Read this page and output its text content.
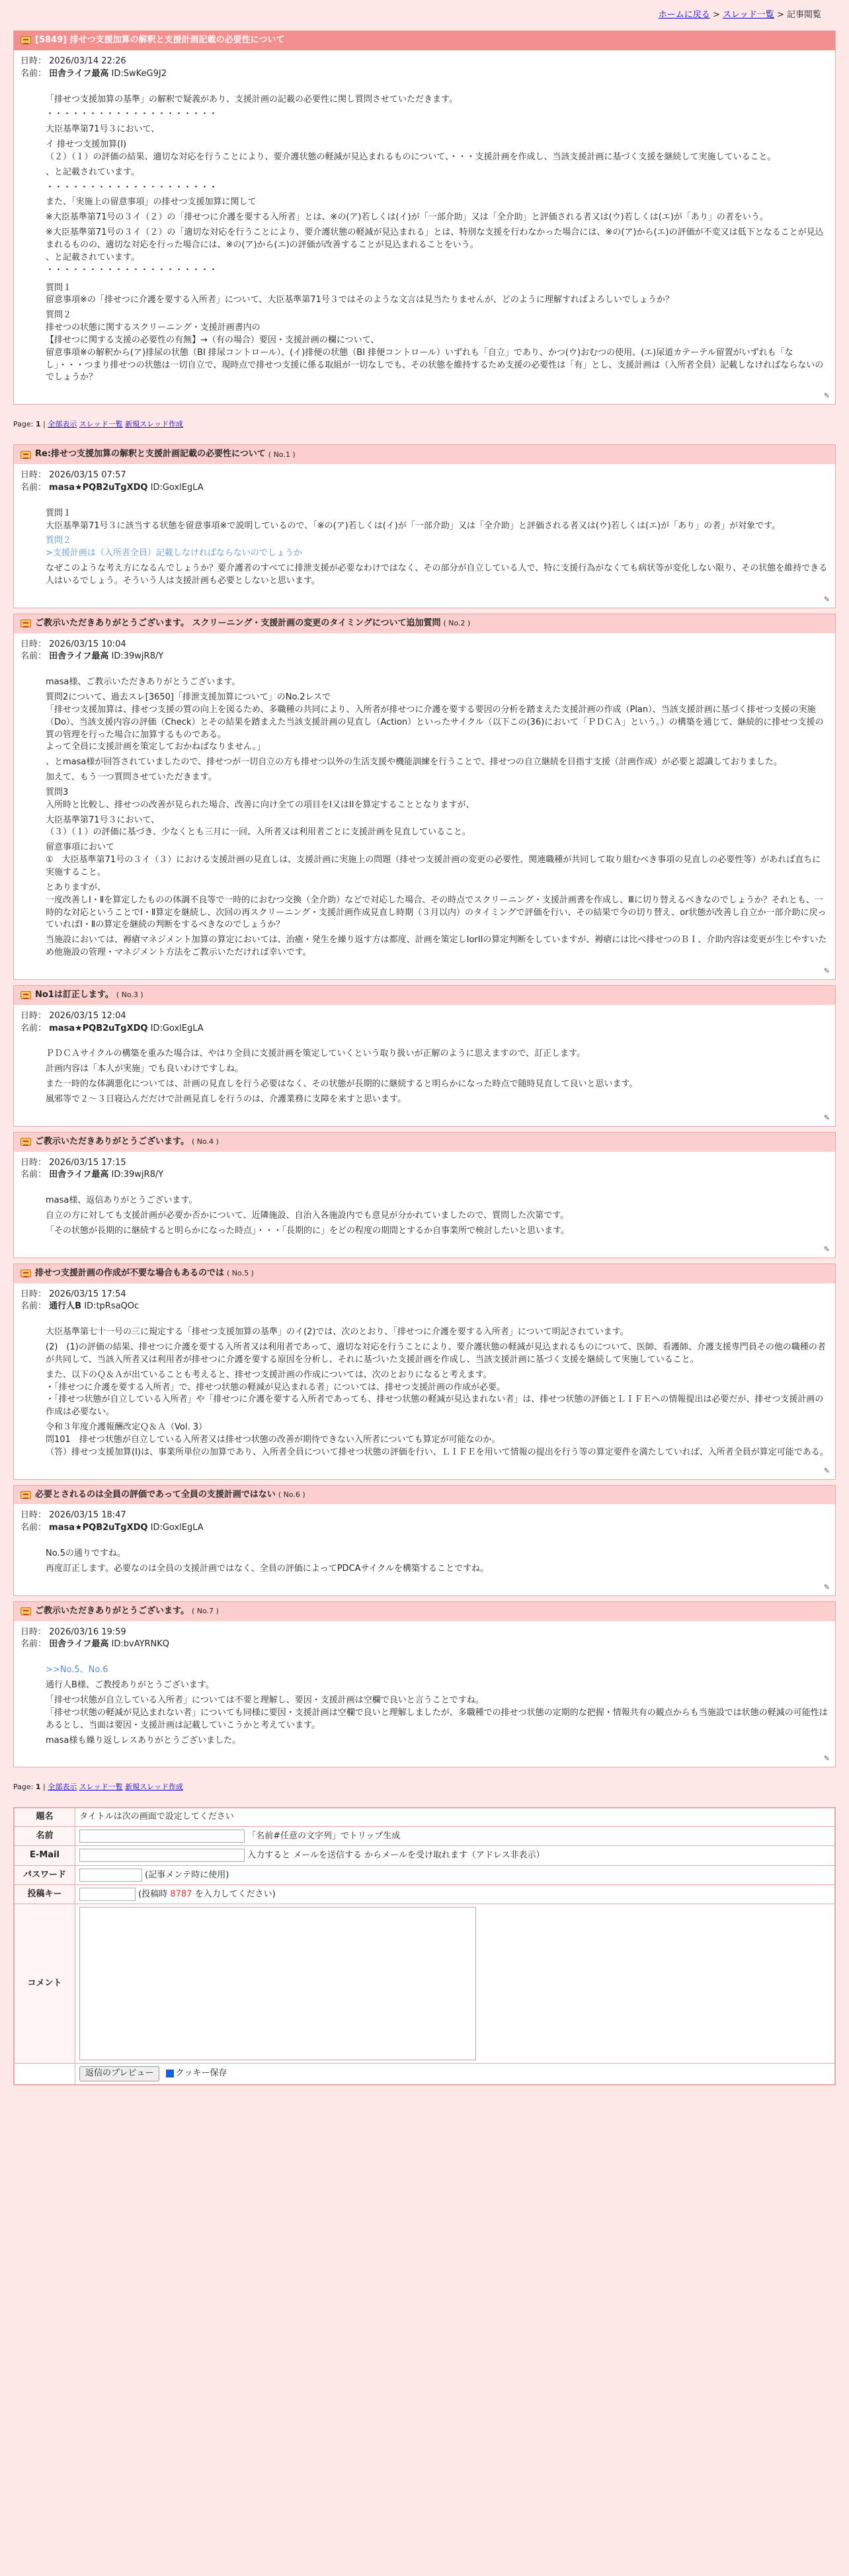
ホームに戻る > スレッド一覧 > 記事閲覧
[5849] 排せつ支援加算の解釈と支援計画記載の必要性について
日時： 2026/03/14 22:26
名前： 田舎ライフ最高 ID:SwKeG9J2

「排せつ支援加算の基準」の解釈で疑義があり、支援計画の記載の必要性に関し質問させていただきます。

・・・・・・・・・・・・・・・・・・・・

大臣基準第71号３において、

イ 排せつ支援加算(I)

（２）（１）の評価の結果、適切な対応を行うことにより、要介護状態の軽減が見込まれるものについて、・・・支援計画を作成し、当該支援計画に基づく支援を継続して実施していること。

、と記載されています。

・・・・・・・・・・・・・・・・・・・・

また、「実施上の留意事項」の排せつ支援加算に関して

※大臣基準第71号の３イ（２）の「排せつに介護を要する入所者」とは、※の(ア)若しくは(イ)が「一部介助」又は「全介助」と評価される者又は(ウ)若しくは(エ)が「あり」の者をいう。

※大臣基準第71号の３イ（２）の「適切な対応を行うことにより、要介護状態の軽減が見込まれる」とは、特別な支援を行わなかった場合には、※の(ア)から(エ)の評価が不変又は低下となることが見込まれるものの、適切な対応を行った場合には、※の(ア)から(エ)の評価が改善することが見込まれることをいう。

、と記載されています。

・・・・・・・・・・・・・・・・・・・・

質問１

留意事項※の「排せつに介護を要する入所者」について、大臣基準第71号３ではそのような文言は見当たりませんが、どのように理解すればよろしいでしょうか？

質問２

排せつの状態に関するスクリーニング・支援計画書内の

【排せつに関する支援の必要性の有無】→（有の場合）要因・支援計画の欄について、

留意事項※の解釈から(ア)排尿の状態（BI 排尿コントロール）、(イ)排便の状態（BI 排便コントロール）いずれも「自立」であり、かつ(ウ)おむつの使用、(エ)尿道カテーテル留置がいずれも「なし」・・・つまり排せつの状態は一切自立で、現時点で排せつ支援に係る取組が一切なしでも、その状態を維持するため支援の必要性は「有」とし、支援計画は（入所者全員）記載しなければならないのでしょうか？

✎
Page: 1 | 全部表示 スレッド一覧 新規スレッド作成
Re:排せつ支援加算の解釈と支援計画記載の必要性について ( No.1 )
日時： 2026/03/15 07:57
名前： masa★PQB2uTgXDQ ID:GoxlEgLA

質問１

大臣基準第71号３に該当する状態を留意事項※で説明しているので、「※の(ア)若しくは(イ)が「一部介助」又は「全介助」と評価される者又は(ウ)若しくは(エ)が「あり」の者」が対象です。

質問２

>支援計画は（入所者全員）記載しなければならないのでしょうか

なぜこのような考え方になるんでしょうか？要介護者のすべてに排泄支援が必要なわけではなく、その部分が自立している人で、特に支援行為がなくても病状等が変化しない限り、その状態を維持できる人はいるでしょう。そういう人は支援計画も必要としないと思います。

✎
ご教示いただきありがとうございます。 スクリーニング・支援計画の変更のタイミングについて追加質問 ( No.2 )
日時： 2026/03/15 10:04
名前： 田舎ライフ最高 ID:39wjR8/Y

masa様、ご教示いただきありがとうございます。

質問2について、過去スレ[3650]「排泄支援加算について」のNo.2レスで

「排せつ支援加算は、排せつ支援の質の向上を図るため、多職種の共同により、入所者が排せつに介護を要する要因の分析を踏まえた支援計画の作成（Plan）、当該支援計画に基づく排せつ支援の実施（Do）、当該支援内容の評価（Check）とその結果を踏まえた当該支援計画の見直し（Action）といったサイクル（以下この(36)において「ＰＤＣＡ」という。）の構築を通じて、継続的に排せつ支援の質の管理を行った場合に加算するものである。

よって全員に支援計画を策定しておかねばなりません。」

、とmasa様が回答されていましたので、排せつが一切自立の方も排せつ以外の生活支援や機能訓練を行うことで、排せつの自立継続を目指す支援（計画作成）が必要と認識しておりました。

加えて、もう一つ質問させていただきます。

質問3

入所時と比較し、排せつの改善が見られた場合、改善に向け全ての項目をI又はIIを算定することとなりますが、

大臣基準第71号３において、

（３）（１）の評価に基づき、少なくとも三月に一回、入所者又は利用者ごとに支援計画を見直していること。

留意事項において

①　大臣基準第71号の３イ（３）における支援計画の見直しは、支援計画に実施上の問題（排せつ支援計画の変更の必要性、関連職種が共同して取り組むべき事項の見直しの必要性等）があれば直ちに実施すること。

とありますが、

一度改善しⅠ・Ⅱを算定したものの体調不良等で一時的におむつ交換（全介助）などで対応した場合、その時点でスクリーニング・支援計画書を作成し、Ⅲに切り替えるべきなのでしょうか？それとも、一時的な対応ということでⅠ・Ⅱ算定を継続し、次回の再スクリーニング・支援計画作成見直し時期（３月以内）のタイミングで評価を行い、その結果で今の切り替え、or状態が改善し自立か一部介助に戻っていればⅠ・Ⅱの算定を継続の判断をするべきなのでしょうか？

当施設においては、褥瘡マネジメント加算の算定においては、治癒・発生を繰り返す方は都度、計画を策定しIorIIの算定判断をしていますが、褥瘡には比べ排せつのＢＩ、介助内容は変更が生じやすいため他施設の管理・マネジメント方法をご教示いただければ幸いです。

✎
No1は訂正します。 ( No.3 )
日時： 2026/03/15 12:04
名前： masa★PQB2uTgXDQ ID:GoxlEgLA

ＰＤＣＡサイクルの構築を重みた場合は、やはり全員に支援計画を策定していくという取り扱いが正解のように思えますので、訂正します。

計画内容は「本人が実施」でも良いわけですしね。

また一時的な体調悪化については、計画の見直しを行う必要はなく、その状態が長期的に継続すると明らかになった時点で随時見直して良いと思います。

風邪等で２～３日寝込んだだけで計画見直しを行うのは、介護業務に支障を来すと思います。

✎
ご教示いただきありがとうございます。 ( No.4 )
日時： 2026/03/15 17:15
名前： 田舎ライフ最高 ID:39wjR8/Y

masa様、返信ありがとうございます。

自立の方に対しても支援計画が必要か否かについて、近隣施設、自治入各施設内でも意見が分かれていましたので、質問した次第です。

「その状態が長期的に継続すると明らかになった時点」・・・「長期的に」をどの程度の期間とするか自事業所で検討したいと思います。

✎
排せつ支援計画の作成が不要な場合もあるのでは ( No.5 )
日時： 2026/03/15 17:54
名前： 通行人B ID:tpRsaQOc

大臣基準第七十一号の三に規定する「排せつ支援加算の基準」のイ(2)では、次のとおり、「排せつに介護を要する入所者」について明記されています。

(2)　(1)の評価の結果、排せつに介護を要する入所者又は利用者であって、適切な対応を行うことにより、要介護状態の軽減が見込まれるものについて、医師、看護師、介護支援専門員その他の職種の者が共同して、当該入所者又は利用者が排せつに介護を要する原因を分析し、それに基づいた支援計画を作成し、当該支援計画に基づく支援を継続して実施していること。

また、以下のＱ＆Ａが出ていることも考えると、排せつ支援計画の作成については、次のとおりになると考えます。

・「排せつに介護を要する入所者」で、排せつ状態の軽減が見込まれる者」については、排せつ支援計画の作成が必要。

・「排せつ状態が自立している入所者」や「排せつに介護を要する入所者であっても、排せつ状態の軽減が見込まれない者」は、排せつ状態の評価とＬＩＦＥへの情報提出は必要だが、排せつ支援計画の作成は必要ない。

令和３年度介護報酬改定Ｑ＆Ａ（Vol. 3）

問101　排せつ状態が自立している入所者又は排せつ状態の改善が期待できない入所者についても算定が可能なのか。

（答）排せつ支援加算(I)は、事業所単位の加算であり、入所者全員について排せつ状態の評価を行い、ＬＩＦＥを用いて情報の提出を行う等の算定要件を満たしていれば、入所者全員が算定可能である。

✎
必要とされるのは全員の評価であって全員の支援計画ではない ( No.6 )
日時： 2026/03/15 18:47
名前： masa★PQB2uTgXDQ ID:GoxlEgLA

No.5の通りですね。

再度訂正します。必要なのは全員の支援計画ではなく、全員の評価によってPDCAサイクルを構築することですね。

✎
ご教示いただきありがとうございます。 ( No.7 )
日時： 2026/03/16 19:59
名前： 田舎ライフ最高 ID:bvAYRNKQ

>>No.5、No.6

通行人B様、ご教授ありがとうございます。

「排せつ状態が自立している入所者」については不要と理解し、要因・支援計画は空欄で良いと言うことですね。

「排せつ状態の軽減が見込まれない者」についても同様に要因・支援計画は空欄で良いと理解しましたが、多職種での排せつ状態の定期的な把握・情報共有の観点からも当施設では状態の軽減の可能性はあるとし、当面は要因・支援計画は記載していこうかと考えています。

masa様も繰り返しレスありがとうございました。

✎
Page: 1 | 全部表示 スレッド一覧 新規スレッド作成
題名	タイトルは次の画面で設定してください
名前	「名前#任意の文字列」でトリップ生成
E-Mail	入力すると メールを送信する からメールを受け取れます（アドレス非表示）
パスワード	(記事メンテ時に使用)
投稿キー	(投稿時 8787 を入力してください)
コメント	

	返信のプレビュー クッキー保存
